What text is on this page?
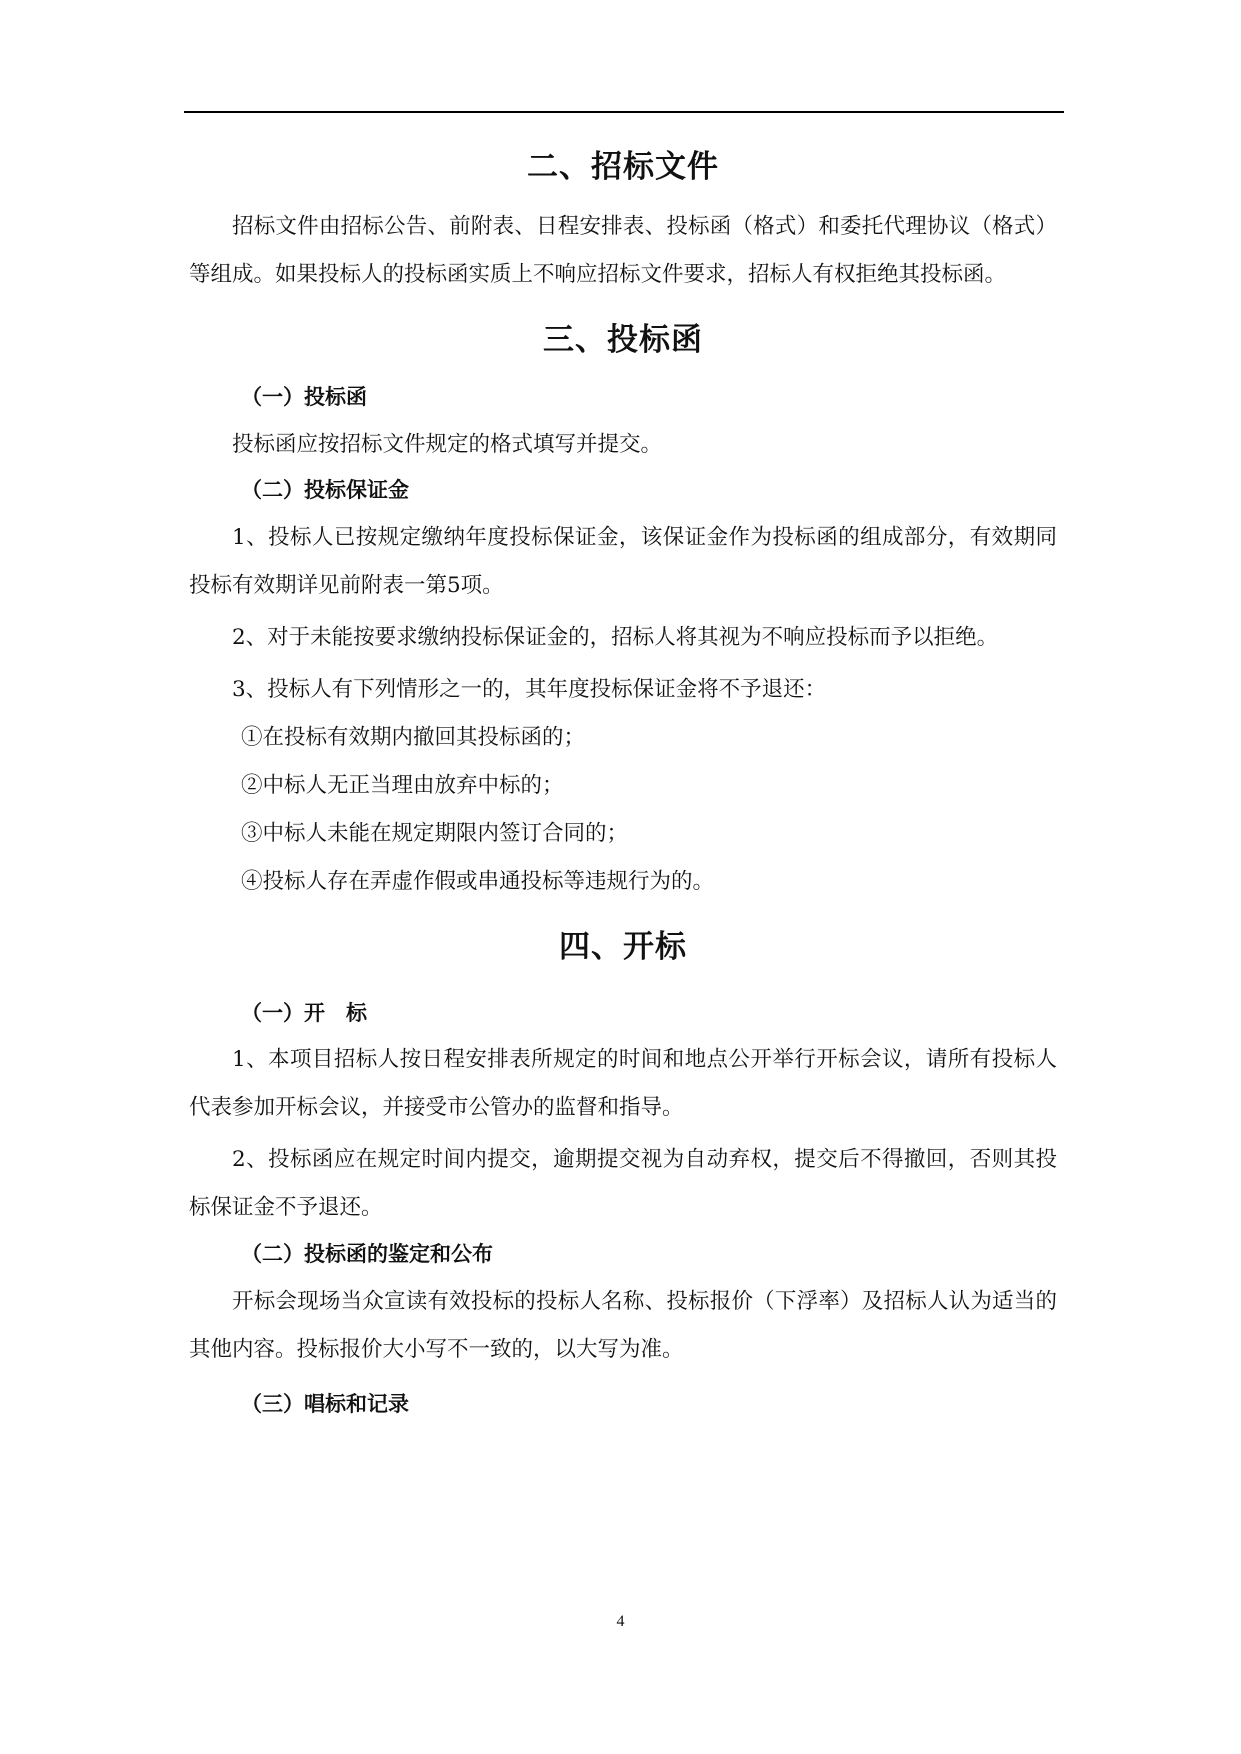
二、招标文件

招标文件由招标公告、前附表、日程安排表、投标函（格式）和委托代理协议（格式）等组成。如果投标人的投标函实质上不响应招标文件要求，招标人有权拒绝其投标函。

三、投标函
（一）投标函

投标函应按招标文件规定的格式填写并提交。

（二）投标保证金

1、投标人已按规定缴纳年度投标保证金，该保证金作为投标函的组成部分，有效期同投标有效期详见前附表一第5项。

2、对于未能按要求缴纳投标保证金的，招标人将其视为不响应投标而予以拒绝。

3、投标人有下列情形之一的，其年度投标保证金将不予退还：

①在投标有效期内撤回其投标函的；

②中标人无正当理由放弃中标的；

③中标人未能在规定期限内签订合同的；

④投标人存在弄虚作假或串通投标等违规行为的。

四、开标
（一）开　标

1、本项目招标人按日程安排表所规定的时间和地点公开举行开标会议，请所有投标人代表参加开标会议，并接受市公管办的监督和指导。

2、投标函应在规定时间内提交，逾期提交视为自动弃权，提交后不得撤回，否则其投标保证金不予退还。

（二）投标函的鉴定和公布

开标会现场当众宣读有效投标的投标人名称、投标报价（下浮率）及招标人认为适当的其他内容。投标报价大小写不一致的，以大写为准。

（三）唱标和记录
4
